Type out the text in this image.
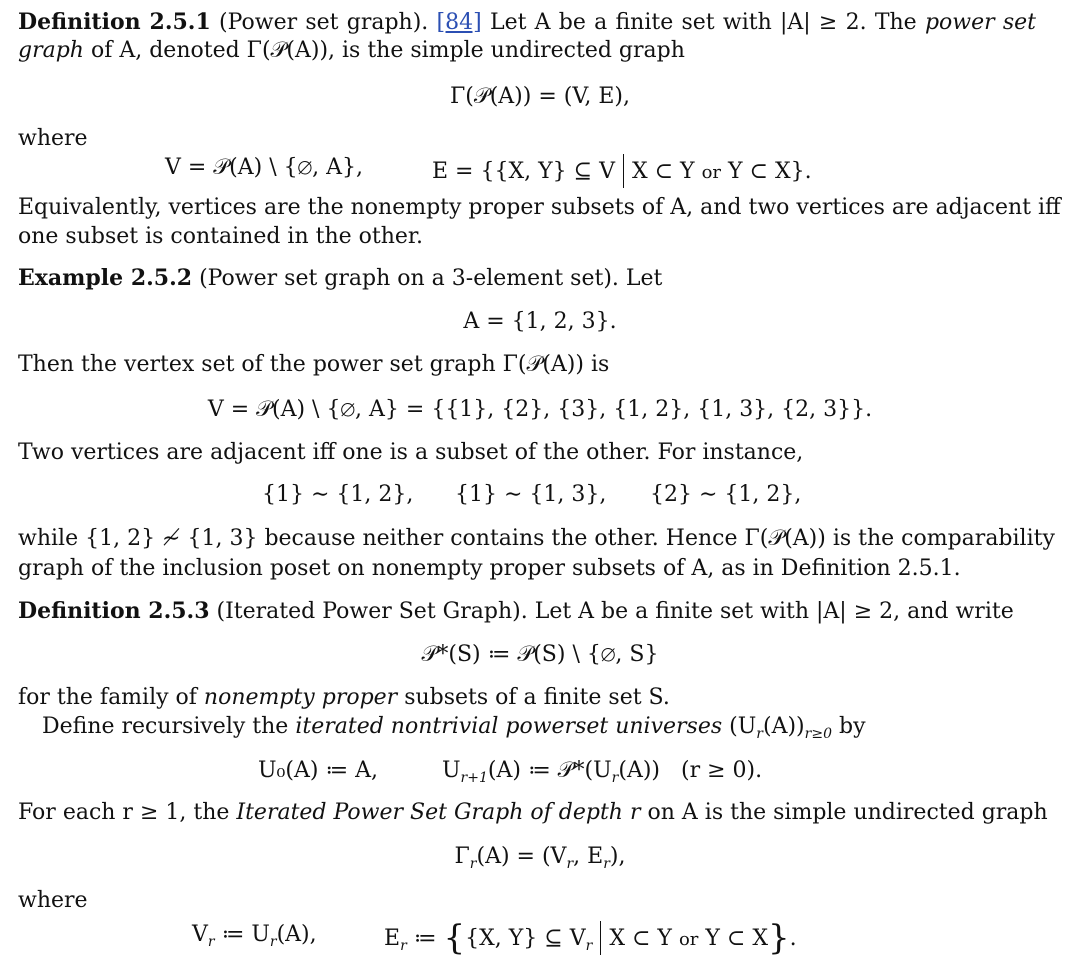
Definition 2.5.1 (Power set graph). [84] Let A be a finite set with |A| ≥ 2. The power set
graph of A, denoted Γ(𝒫(A)), is the simple undirected graph
Γ(𝒫(A)) = (V, E),
where
V = 𝒫(A) \ {∅, A},	E = {{X, Y} ⊆ V X ⊂ Y or Y ⊂ X}.
Equivalently, vertices are the nonempty proper subsets of A, and two vertices are adjacent iff
one subset is contained in the other.
Example 2.5.2 (Power set graph on a 3-element set). Let
A = {1, 2, 3}.
Then the vertex set of the power set graph Γ(𝒫(A)) is
V = 𝒫(A) \ {∅, A} = {{1}, {2}, {3}, {1, 2}, {1, 3}, {2, 3}}.
Two vertices are adjacent iff one is a subset of the other. For instance,
{1} ∼ {1, 2}, {1} ∼ {1, 3}, {2} ∼ {1, 2},
while {1, 2} ≁ {1, 3} because neither contains the other. Hence Γ(𝒫(A)) is the comparability
graph of the inclusion poset on nonempty proper subsets of A, as in Definition 2.5.1.
Definition 2.5.3 (Iterated Power Set Graph). Let A be a finite set with |A| ≥ 2, and write
𝒫*(S) ≔ 𝒫(S) \ {∅, S}
for the family of nonempty proper subsets of a finite set S.
Define recursively the iterated nontrivial powerset universes $(U_r(A))_{r\ge 0}$ by
U₀(A) ≔ A,	$U_{r+1}(A)$ ≔ $𝒫*(U_r(A)) (r \ge 0)$.
For each r ≥ 1, the Iterated Power Set Graph of depth r on A is the simple undirected graph
$\Gamma_r(A) = (V_r$, $E_r$),
where
$V_r$ ≔ $U_r(A)$,	$E_r$ ≔ {{X, Y} ⊆ $V_r$ X ⊂ Y or Y ⊂ X}.
